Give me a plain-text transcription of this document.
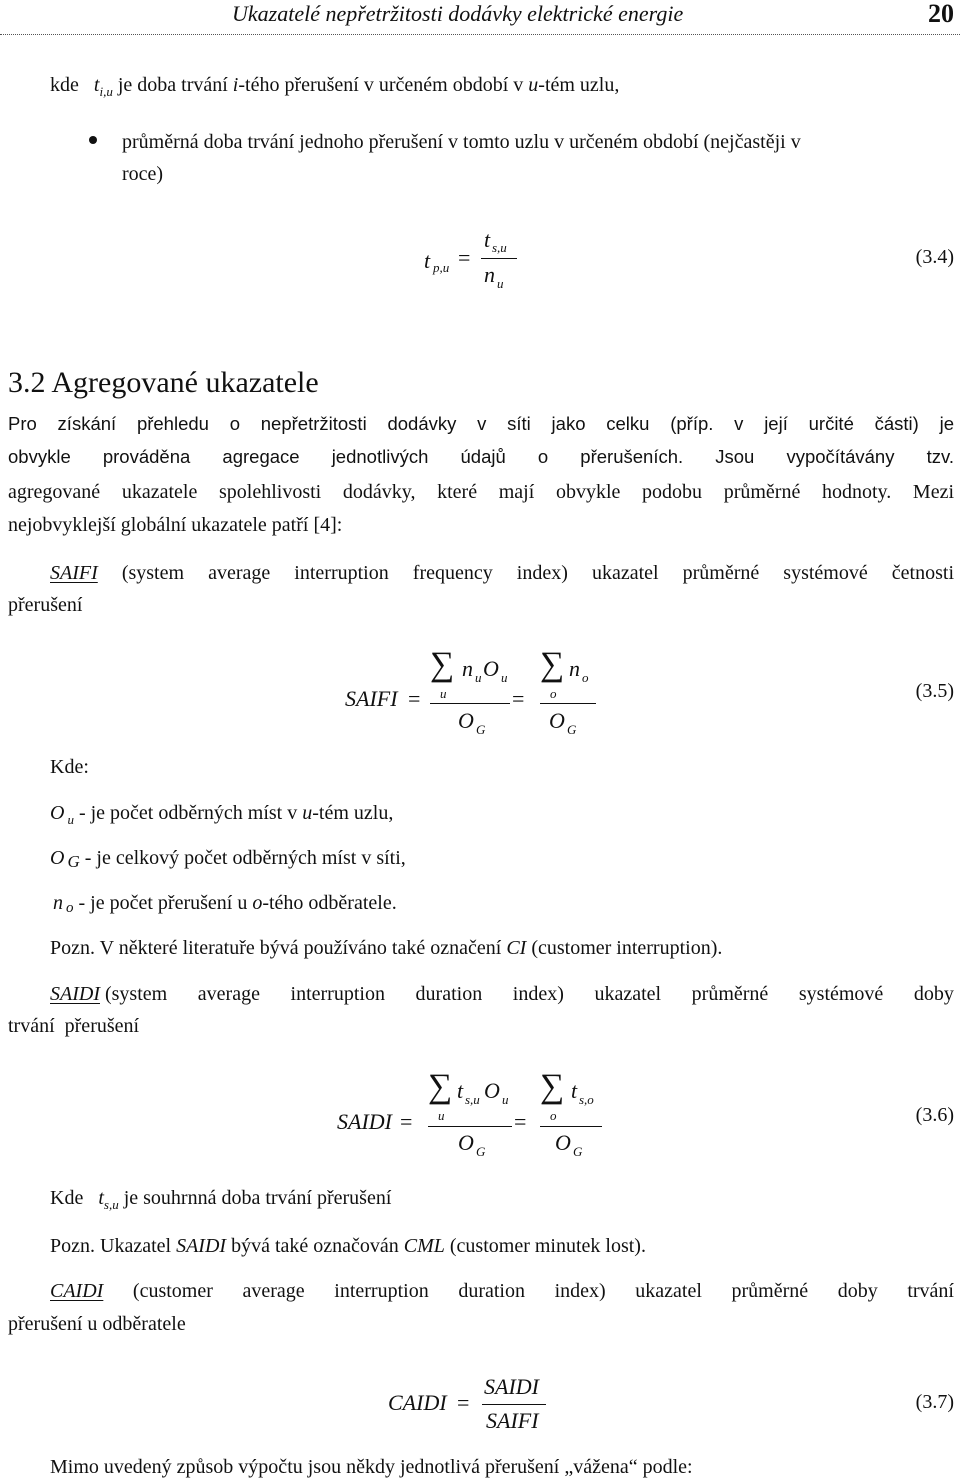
Ukazatelé nepřetržitosti dodávky elektrické energie	20
kde $t_{i,u}$ je doba trvání i-tého přerušení v určeném období v u-tém uzlu,
průměrná doba trvání jednoho přerušení v tomto uzlu v určeném období (nejčastěji v
roce)
t p,u =
t s,u
n u
(3.4)
3.2 Agregované ukazatele
Pro získání přehledu o nepřetržitosti dodávky v síti jako celku (příp. v její určité části) je
obvykle prováděna agregace jednotlivých údajů o přerušeních. Jsou vypočítávány tzv.
agregované ukazatele spolehlivosti dodávky, které mají obvykle podobu průměrné hodnoty. Mezi
nejobvyklejší globální ukazatele patří [4]:
SAIFI (system average interruption frequency index) ukazatel průměrné systémové četnosti
přerušení
SAIFI =
∑
u
n u O u
O G
=
∑
o
n o
O G
(3.5)
Kde:
O $_u$ - je počet odběrných míst v u-tém uzlu,
O G - je celkový počet odběrných míst v síti,
n $_o$ - je počet přerušení u o-tého odběratele.
Pozn. V některé literatuře bývá používáno také označení CI (customer interruption).
SAIDI (system average interruption duration index) ukazatel průměrné systémové doby
trvání  přerušení
SAIDI =
∑
u
t s,u O u
O G
=
∑
o
t s,o
O G
(3.6)
Kde $t_{s,u}$ je souhrnná doba trvání přerušení
Pozn. Ukazatel SAIDI bývá také označován CML (customer minutek lost).
CAIDI (customer average interruption duration index) ukazatel průměrné doby trvání
přerušení u odběratele
CAIDI =
SAIDI
SAIFI
(3.7)
Mimo uvedený způsob výpočtu jsou někdy jednotlivá přerušení „vážena“ podle:
